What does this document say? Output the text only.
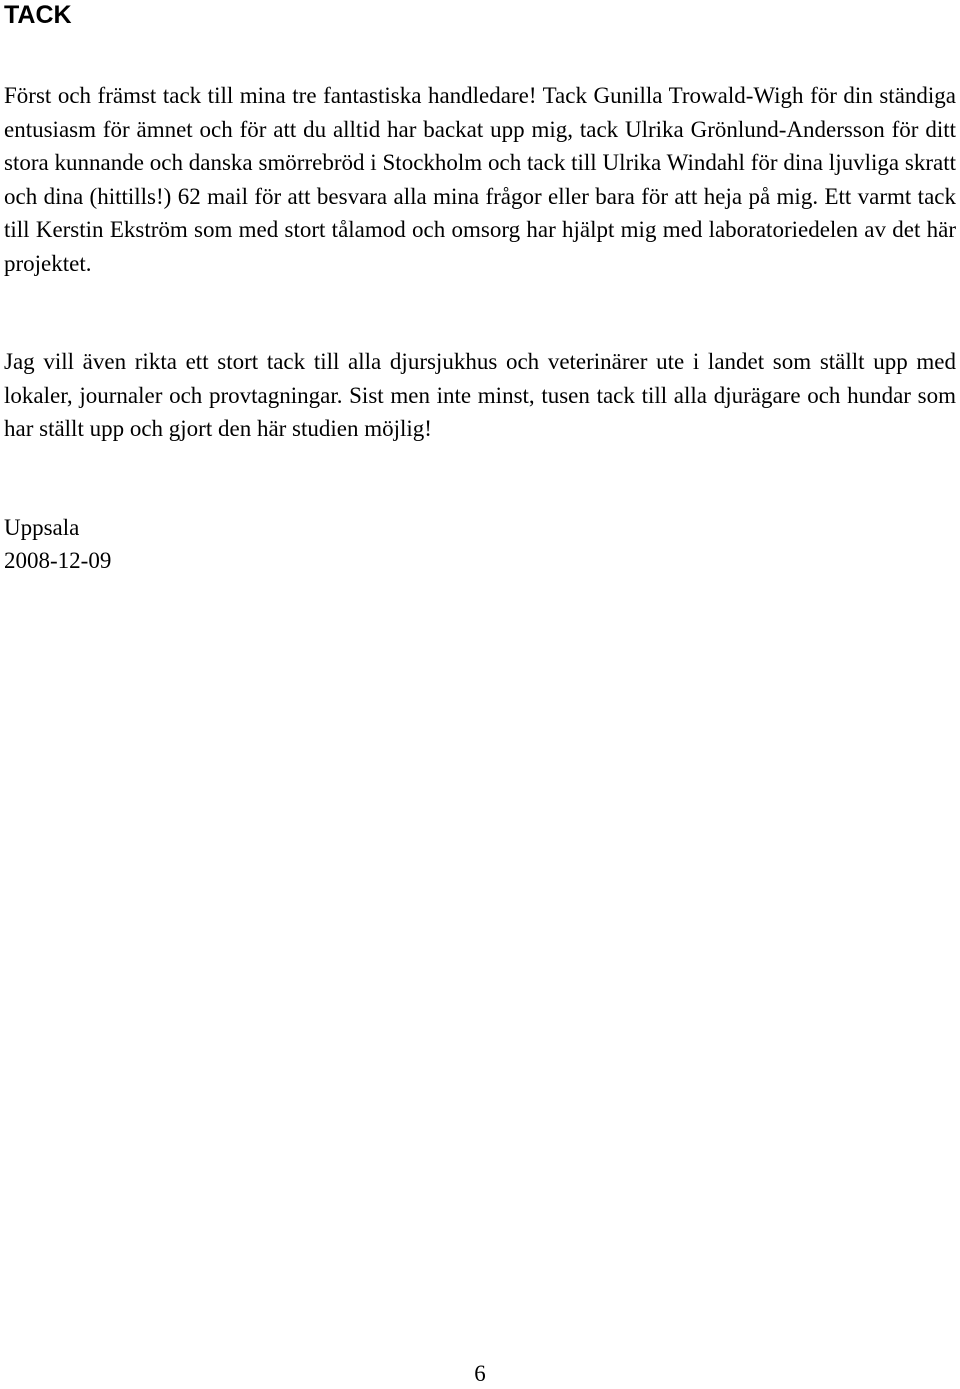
TACK

Först och främst tack till mina tre fantastiska handledare! Tack Gunilla Trowald-Wigh för din ständiga entusiasm för ämnet och för att du alltid har backat upp mig, tack Ulrika Grönlund-Andersson för ditt stora kunnande och danska smörrebröd i Stockholm och tack till Ulrika Windahl för dina ljuvliga skratt och dina (hittills!) 62 mail för att besvara alla mina frågor eller bara för att heja på mig. Ett varmt tack till Kerstin Ekström som med stort tålamod och omsorg har hjälpt mig med laboratoriedelen av det här projektet.

Jag vill även rikta ett stort tack till alla djursjukhus och veterinärer ute i landet som ställt upp med lokaler, journaler och provtagningar. Sist men inte minst, tusen tack till alla djurägare och hundar som har ställt upp och gjort den här studien möjlig!

Uppsala

2008-12-09

6
